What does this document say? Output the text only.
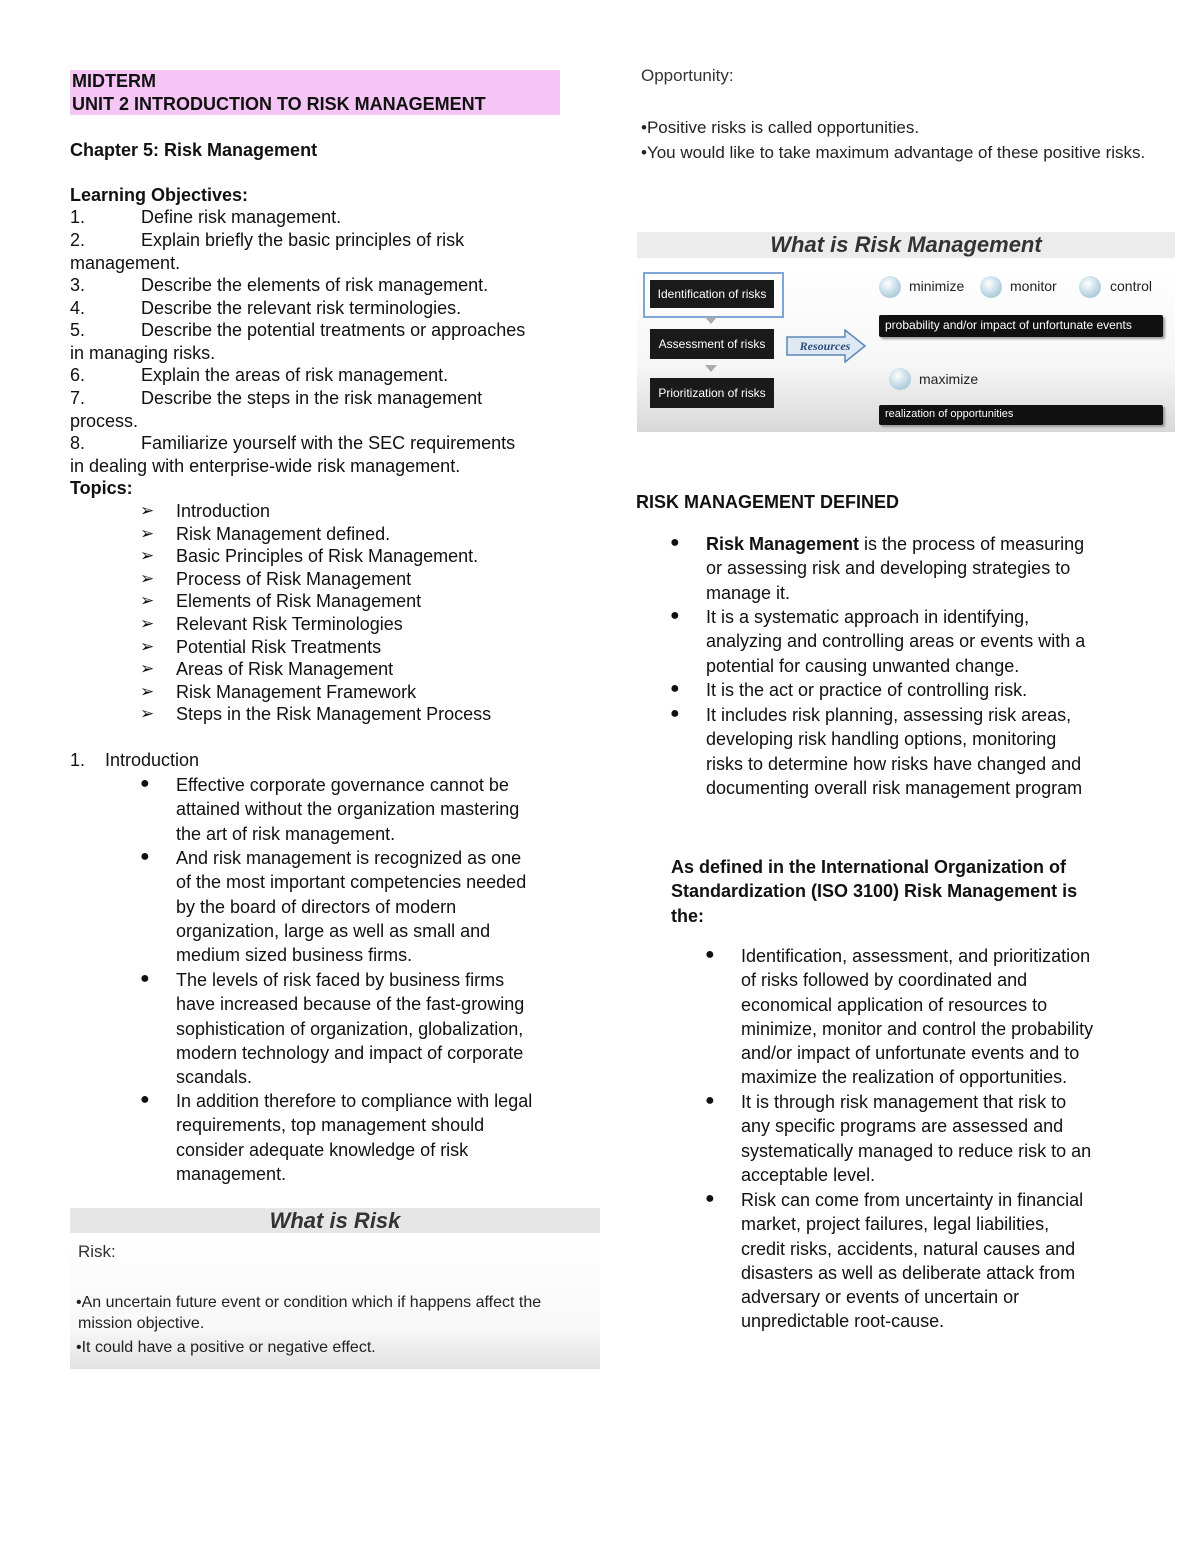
MIDTERM
UNIT 2 INTRODUCTION TO RISK MANAGEMENT
Chapter 5: Risk Management
Learning Objectives:
1.	Define risk management.
2.	Explain briefly the basic principles of risk
management.
3.	Describe the elements of risk management.
4.	Describe the relevant risk terminologies.
5.	Describe the potential treatments or approaches
in managing risks.
6.	Explain the areas of risk management.
7.	Describe the steps in the risk management
process.
8.	Familiarize yourself with the SEC requirements
in dealing with enterprise-wide risk management.
Topics:
➢ Introduction
➢ Risk Management defined.
➢ Basic Principles of Risk Management.
➢ Process of Risk Management
➢ Elements of Risk Management
➢ Relevant Risk Terminologies
➢ Potential Risk Treatments
➢ Areas of Risk Management
➢ Risk Management Framework
➢ Steps in the Risk Management Process
1. Introduction
● Effective corporate governance cannot be
attained without the organization mastering
the art of risk management.
● And risk management is recognized as one
of the most important competencies needed
by the board of directors of modern
organization, large as well as small and
medium sized business firms.
● The levels of risk faced by business firms
have increased because of the fast-growing
sophistication of organization, globalization,
modern technology and impact of corporate
scandals.
● In addition therefore to compliance with legal
requirements, top management should
consider adequate knowledge of risk
management.
What is Risk
Risk:
•An uncertain future event or condition which if happens affect the
mission objective.
•It could have a positive or negative effect.
Opportunity:
•Positive risks is called opportunities.
•You would like to take maximum advantage of these positive risks.
What is Risk Management
Identification of risks
Assessment of risks
Prioritization of risks
Resources
minimize	monitor	control
probability and/or impact of unfortunate events
maximize
realization of opportunities
RISK MANAGEMENT DEFINED
● Risk Management is the process of measuring
or assessing risk and developing strategies to
manage it.
● It is a systematic approach in identifying,
analyzing and controlling areas or events with a
potential for causing unwanted change.
● It is the act or practice of controlling risk.
● It includes risk planning, assessing risk areas,
developing risk handling options, monitoring
risks to determine how risks have changed and
documenting overall risk management program
As defined in the International Organization of
Standardization (ISO 3100) Risk Management is
the:
● Identification, assessment, and prioritization
of risks followed by coordinated and
economical application of resources to
minimize, monitor and control the probability
and/or impact of unfortunate events and to
maximize the realization of opportunities.
● It is through risk management that risk to
any specific programs are assessed and
systematically managed to reduce risk to an
acceptable level.
● Risk can come from uncertainty in financial
market, project failures, legal liabilities,
credit risks, accidents, natural causes and
disasters as well as deliberate attack from
adversary or events of uncertain or
unpredictable root-cause.
